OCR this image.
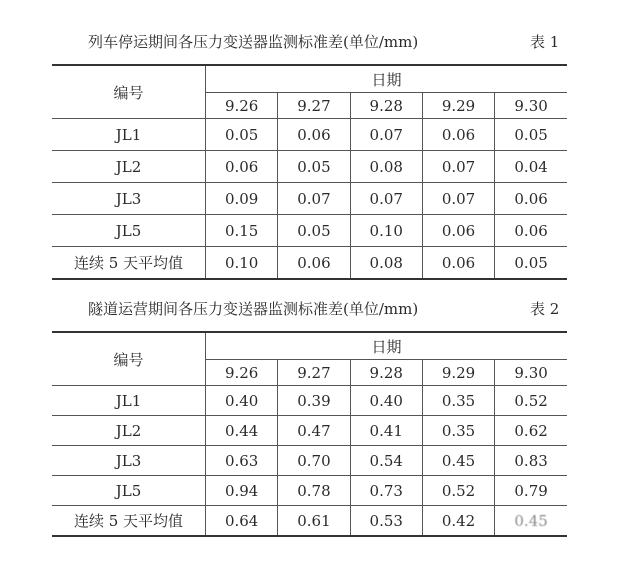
列车停运期间各压力变送器监测标准差(单位/mm)	表 1
编号	日期				
	9.26	9.27	9.28	9.29	9.30
JL1	0.05	0.06	0.07	0.06	0.05
JL2	0.06	0.05	0.08	0.07	0.04
JL3	0.09	0.07	0.07	0.07	0.06
JL5	0.15	0.05	0.10	0.06	0.06
连续 5 天平均值	0.10	0.06	0.08	0.06	0.05
隧道运营期间各压力变送器监测标准差(单位/mm)	表 2
编号	日期				
	9.26	9.27	9.28	9.29	9.30
JL1	0.40	0.39	0.40	0.35	0.52
JL2	0.44	0.47	0.41	0.35	0.62
JL3	0.63	0.70	0.54	0.45	0.83
JL5	0.94	0.78	0.73	0.52	0.79
连续 5 天平均值	0.64	0.61	0.53	0.42	0.45
